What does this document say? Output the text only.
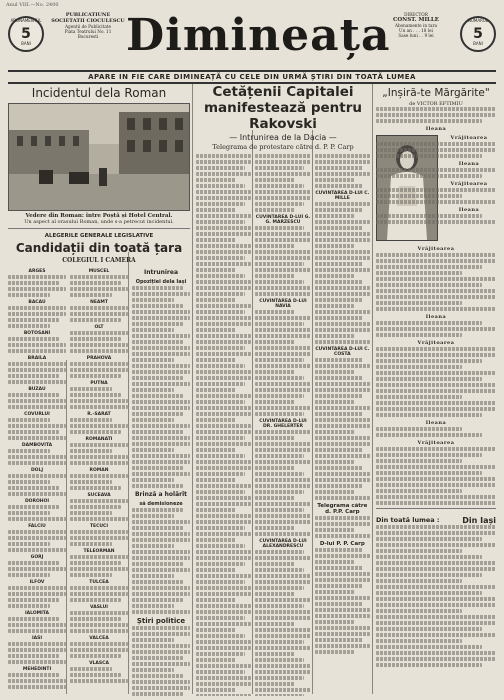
Anul VIII.—No. 2400
ABONAMENTUL
5
BANI
PUBLICATIUNE
SOCIETATII CIOCULESCU
Agentii de Publicitate
Piata Teatrului No. 11
Bucuresti Dimineața	DIRECTOR
CONST. MILLE
Abonamente in tara
Un an . . . 18 lei
Sase luni . . 9 lei
NUMARUL
5
BANI
APARE IN FIE CARE DIMINEAȚĂ CU CELE DIN URMĂ ȘTIRI DIN TOATĂ LUMEA
Incidentul dela Roman
Vedere din Roman: între Poștă și Hotel Central.
Un aspect al orasului Roman, unde s-a petrecut incidentul.
ALEGERILE GENERALE LEGISLATIVE
Candidații din toată țara
COLEGIUL I CAMERA
ARGES
BACAU
BOTOSANI
BRAILA
BUZAU
COVURLUI
DAMBOVITA
DOLJ
DOROHOI
FALCIU
GORJ
ILFOV
IALOMITA
IASI
MEHEDINTI
MUSCEL
NEAMT
OLT
PRAHOVA
PUTNA
R.-SARAT
ROMANATI
ROMAN
SUCEAVA
TECUCI
TELEORMAN
TULCEA
VASLUI
VALCEA
VLASCA
Intrunirea
Opoziției dela Iași
Brinză a holărît
să demisioneze
Știri politice
Cetățenii Capitalei manifestează pentru Rakovski
— Intrunirea de la Dacia —
Telegrama de protestare către d. P. P. Carp
CUVINTAREA D-LUI G. G. MARZESCU
CUVINTAREA D-LUI NAVIA
CUVINTAREA D-LUI DR. GHELERTER
CUVINTAREA D-LUI ALEXANDRESCU
CUVINTAREA D-LUI C. MILLE
CUVINTAREA D-LUI C. COSTA
Telegrama către d. P.P. Carp
D-lui P. P. Carp
„Inșiră-te Mărgărite"
de VICTOR EFTIMIU
Ileana
Vrăjitoarea
Ileana
Vrăjitoarea
Ileana
Vrăjitoarea
Ileana
Vrăjitoarea
Ileana
Vrăjitoarea
Din toată lumea :	Din Iași
